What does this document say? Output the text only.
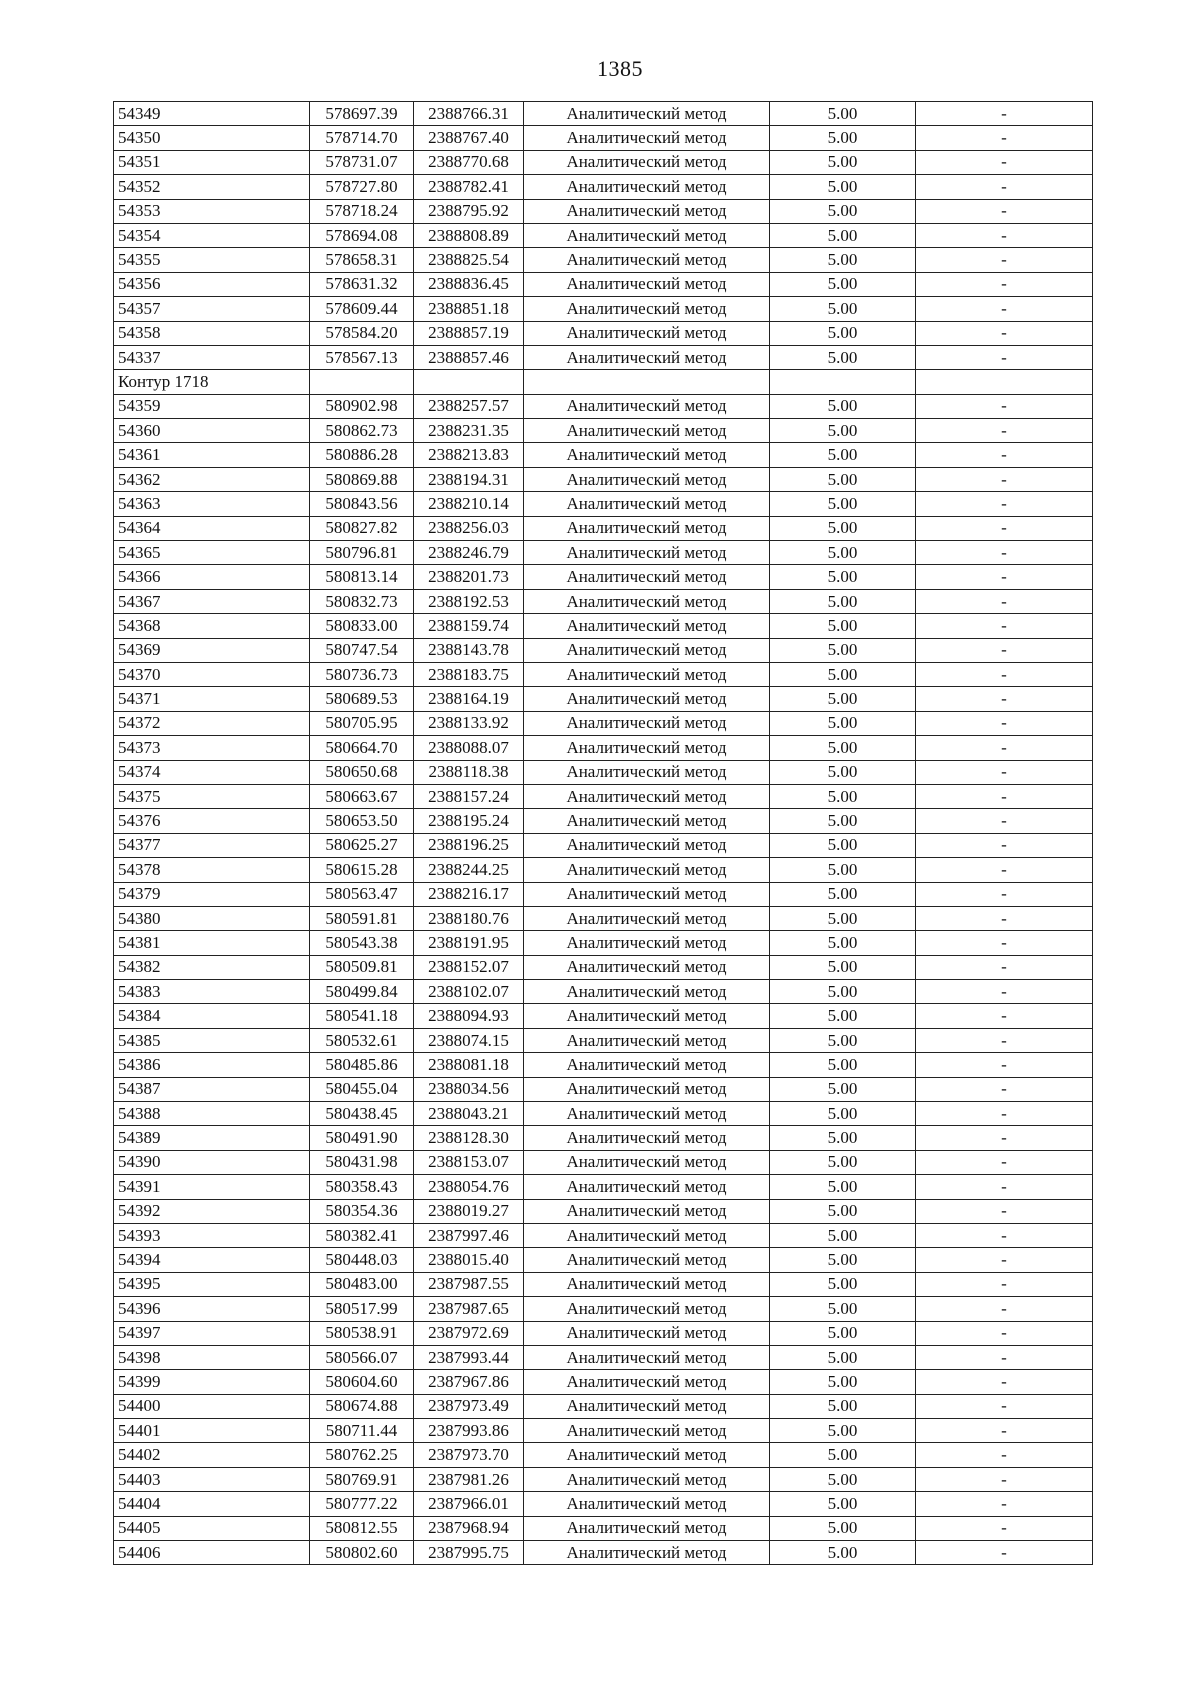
1385
54349	578697.39	2388766.31	Аналитический метод	5.00	-
54350	578714.70	2388767.40	Аналитический метод	5.00	-
54351	578731.07	2388770.68	Аналитический метод	5.00	-
54352	578727.80	2388782.41	Аналитический метод	5.00	-
54353	578718.24	2388795.92	Аналитический метод	5.00	-
54354	578694.08	2388808.89	Аналитический метод	5.00	-
54355	578658.31	2388825.54	Аналитический метод	5.00	-
54356	578631.32	2388836.45	Аналитический метод	5.00	-
54357	578609.44	2388851.18	Аналитический метод	5.00	-
54358	578584.20	2388857.19	Аналитический метод	5.00	-
54337	578567.13	2388857.46	Аналитический метод	5.00	-
Контур 1718					
54359	580902.98	2388257.57	Аналитический метод	5.00	-
54360	580862.73	2388231.35	Аналитический метод	5.00	-
54361	580886.28	2388213.83	Аналитический метод	5.00	-
54362	580869.88	2388194.31	Аналитический метод	5.00	-
54363	580843.56	2388210.14	Аналитический метод	5.00	-
54364	580827.82	2388256.03	Аналитический метод	5.00	-
54365	580796.81	2388246.79	Аналитический метод	5.00	-
54366	580813.14	2388201.73	Аналитический метод	5.00	-
54367	580832.73	2388192.53	Аналитический метод	5.00	-
54368	580833.00	2388159.74	Аналитический метод	5.00	-
54369	580747.54	2388143.78	Аналитический метод	5.00	-
54370	580736.73	2388183.75	Аналитический метод	5.00	-
54371	580689.53	2388164.19	Аналитический метод	5.00	-
54372	580705.95	2388133.92	Аналитический метод	5.00	-
54373	580664.70	2388088.07	Аналитический метод	5.00	-
54374	580650.68	2388118.38	Аналитический метод	5.00	-
54375	580663.67	2388157.24	Аналитический метод	5.00	-
54376	580653.50	2388195.24	Аналитический метод	5.00	-
54377	580625.27	2388196.25	Аналитический метод	5.00	-
54378	580615.28	2388244.25	Аналитический метод	5.00	-
54379	580563.47	2388216.17	Аналитический метод	5.00	-
54380	580591.81	2388180.76	Аналитический метод	5.00	-
54381	580543.38	2388191.95	Аналитический метод	5.00	-
54382	580509.81	2388152.07	Аналитический метод	5.00	-
54383	580499.84	2388102.07	Аналитический метод	5.00	-
54384	580541.18	2388094.93	Аналитический метод	5.00	-
54385	580532.61	2388074.15	Аналитический метод	5.00	-
54386	580485.86	2388081.18	Аналитический метод	5.00	-
54387	580455.04	2388034.56	Аналитический метод	5.00	-
54388	580438.45	2388043.21	Аналитический метод	5.00	-
54389	580491.90	2388128.30	Аналитический метод	5.00	-
54390	580431.98	2388153.07	Аналитический метод	5.00	-
54391	580358.43	2388054.76	Аналитический метод	5.00	-
54392	580354.36	2388019.27	Аналитический метод	5.00	-
54393	580382.41	2387997.46	Аналитический метод	5.00	-
54394	580448.03	2388015.40	Аналитический метод	5.00	-
54395	580483.00	2387987.55	Аналитический метод	5.00	-
54396	580517.99	2387987.65	Аналитический метод	5.00	-
54397	580538.91	2387972.69	Аналитический метод	5.00	-
54398	580566.07	2387993.44	Аналитический метод	5.00	-
54399	580604.60	2387967.86	Аналитический метод	5.00	-
54400	580674.88	2387973.49	Аналитический метод	5.00	-
54401	580711.44	2387993.86	Аналитический метод	5.00	-
54402	580762.25	2387973.70	Аналитический метод	5.00	-
54403	580769.91	2387981.26	Аналитический метод	5.00	-
54404	580777.22	2387966.01	Аналитический метод	5.00	-
54405	580812.55	2387968.94	Аналитический метод	5.00	-
54406	580802.60	2387995.75	Аналитический метод	5.00	-
